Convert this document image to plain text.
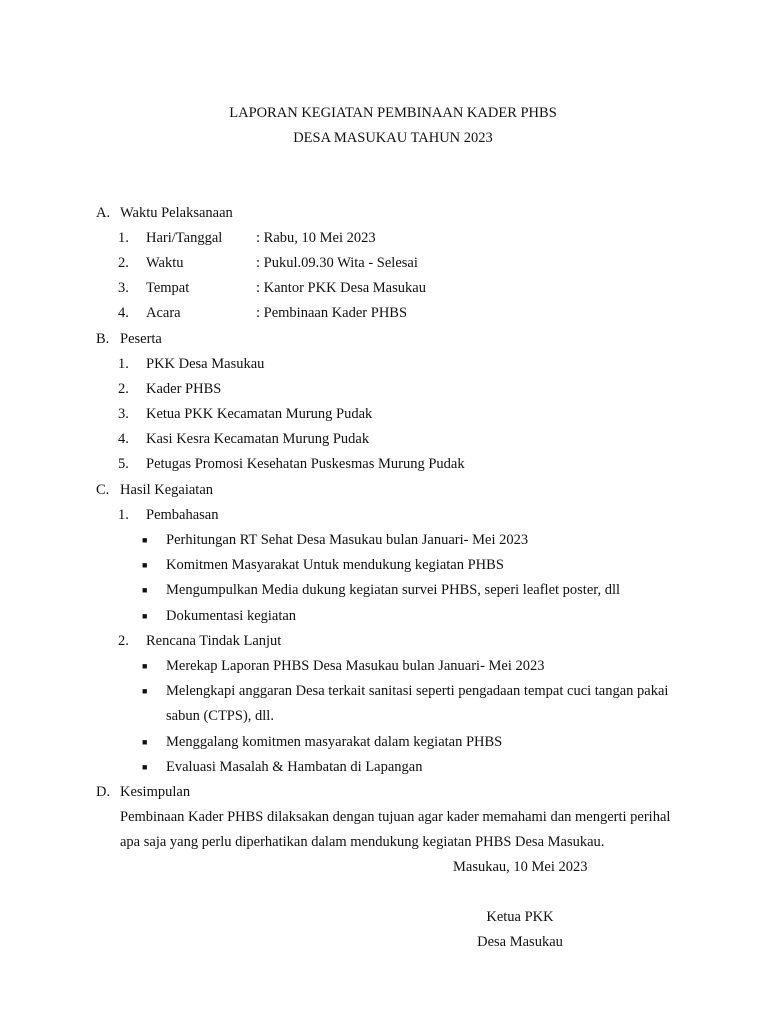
LAPORAN KEGIATAN PEMBINAAN KADER PHBS
DESA MASUKAU TAHUN 2023
A. Waktu Pelaksanaan
1. Hari/Tanggal : Rabu, 10 Mei 2023
2. Waktu	: Pukul.09.30 Wita - Selesai
3. Tempat	: Kantor PKK Desa Masukau
4. Acara	: Pembinaan Kader PHBS
B. Peserta
1. PKK Desa Masukau
2. Kader PHBS
3. Ketua PKK Kecamatan Murung Pudak
4. Kasi Kesra Kecamatan Murung Pudak
5. Petugas Promosi Kesehatan Puskesmas Murung Pudak
C. Hasil Kegaiatan
1. Pembahasan
■ Perhitungan RT Sehat Desa Masukau bulan Januari- Mei 2023
■ Komitmen Masyarakat Untuk mendukung kegiatan PHBS
■ Mengumpulkan Media dukung kegiatan survei PHBS, seperi leaflet poster, dll
■ Dokumentasi kegiatan
2. Rencana Tindak Lanjut
■ Merekap Laporan PHBS Desa Masukau bulan Januari- Mei 2023
■ Melengkapi anggaran Desa terkait sanitasi seperti pengadaan tempat cuci tangan pakai
sabun (CTPS), dll.
■ Menggalang komitmen masyarakat dalam kegiatan PHBS
■ Evaluasi Masalah & Hambatan di Lapangan
D. Kesimpulan
Pembinaan Kader PHBS dilaksakan dengan tujuan agar kader memahami dan mengerti perihal
apa saja yang perlu diperhatikan dalam mendukung kegiatan PHBS Desa Masukau.
Masukau, 10 Mei 2023
Ketua PKK
Desa Masukau
